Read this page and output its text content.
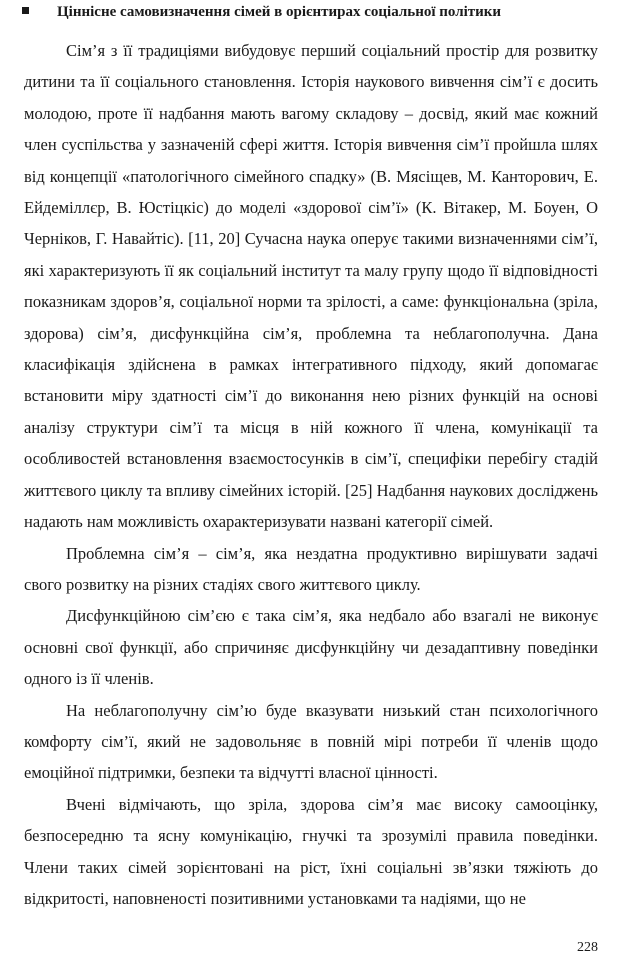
Ціннісне самовизначення сімей в орієнтирах соціальної політики

Сім’я з її традиціями вибудовує перший соціальний простір для розвитку дитини та її соціального становлення. Історія наукового вивчення сім’ї є досить молодою, проте її надбання мають вагому складову – досвід, який має кожний член суспільства у зазначеній сфері життя. Історія вивчення сім’ї пройшла шлях від концепції «патологічного сімейного спадку» (В. Мясіщев, М. Канторович, Е. Ейдеміллєр, В. Юстіцкіс) до моделі «здорової сім’ї» (К. Вітакер, М. Боуен, О Черніков, Г. Навайтіс). [11, 20] Сучасна наука оперує такими визначеннями сім’ї, які характеризують її як соціальний інститут та малу групу щодо її відповідності показникам здоров’я, соціальної норми та зрілості, а саме: функціональна (зріла, здорова) сім’я, дисфункційна сім’я, проблемна та неблагополучна. Дана класифікація здійснена в рамках інтегративного підходу, який допомагає встановити міру здатності сім’ї до виконання нею різних функцій на основі аналізу структури сім’ї та місця в ній кожного її члена, комунікації та особливостей встановлення взаємостосунків в сім’ї, специфіки перебігу стадій життєвого циклу та впливу сімейних історій. [25] Надбання наукових досліджень надають нам можливість охарактеризувати названі категорії сімей.

Проблемна сім’я – сім’я, яка нездатна продуктивно вирішувати задачі свого розвитку на різних стадіях свого життєвого циклу.

Дисфункційною сім’єю є така сім’я, яка недбало або взагалі не виконує основні свої функції, або спричиняє дисфункційну чи дезадаптивну поведінки одного із її членів.

На неблагополучну сім’ю буде вказувати низький стан психологічного комфорту сім’ї, який не задовольняє в повній мірі потреби її членів щодо емоційної підтримки, безпеки та відчутті власної цінності.

Вчені відмічають, що зріла, здорова сім’я має високу самооцінку, безпосередню та ясну комунікацію, гнучкі та зрозумілі правила поведінки. Члени таких сімей зорієнтовані на ріст, їхні соціальні зв’язки тяжіють до відкритості, наповненості позитивними установками та надіями, що не

228
